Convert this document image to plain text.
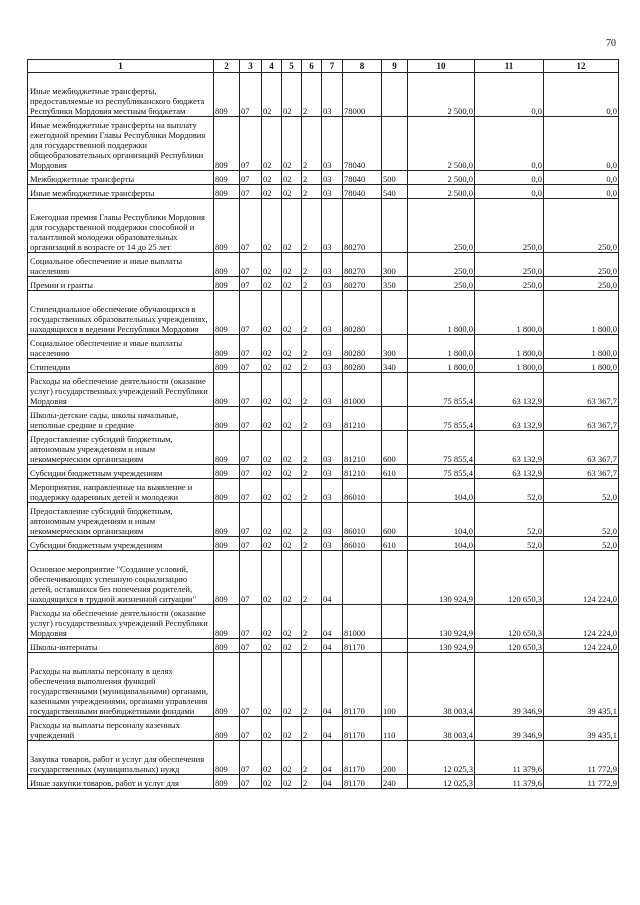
70
1	2	3	4	5	6	7	8	9	10	11	12
Иные межбюджетные трансферты, предоставляемые из республиканского бюджета Республики Мордовия местным бюджетам	809	07	02	02	2	03	78000		2 500,0	0,0	0,0
Иные межбюджетные трансферты на выплату ежегодной премии Главы Республики Мордовия для государственной поддержки общеобразовательных организаций Республики Мордовия	809	07	02	02	2	03	78040		2 500,0	0,0	0,0
Межбюджетные трансферты	809	07	02	02	2	03	78040	500	2 500,0	0,0	0,0
Иные межбюджетные трансферты	809	07	02	02	2	03	78040	540	2 500,0	0,0	0,0
Ежегодная премия Главы Республики Мордовия для государственной поддержки способной и талантливой молодежи образовательных организаций в возрасте от 14 до 25 лет	809	07	02	02	2	03	80270		250,0	250,0	250,0
Социальное обеспечение и иные выплаты населению	809	07	02	02	2	03	80270	300	250,0	250,0	250,0
Премии и гранты	809	07	02	02	2	03	80270	350	250,0	250,0	250,0
Стипендиальное обеспечение обучающихся в государственных образовательных учреждениях, находящихся в ведении Республики Мордовия	809	07	02	02	2	03	80280		1 800,0	1 800,0	1 800,0
Социальное обеспечение и иные выплаты населению	809	07	02	02	2	03	80280	300	1 800,0	1 800,0	1 800,0
Стипендии	809	07	02	02	2	03	80280	340	1 800,0	1 800,0	1 800,0
Расходы на обеспечение деятельности (оказание услуг) государственных учреждений Республики Мордовия	809	07	02	02	2	03	81000		75 855,4	63 132,9	63 367,7
Школы-детские сады, школы начальные, неполные средние и средние	809	07	02	02	2	03	81210		75 855,4	63 132,9	63 367,7
Предоставление субсидий бюджетным, автономным учреждениям и иным некоммерческим организациям	809	07	02	02	2	03	81210	600	75 855,4	63 132,9	63 367,7
Субсидии бюджетным учреждениям	809	07	02	02	2	03	81210	610	75 855,4	63 132,9	63 367,7
Мероприятия, направленные на выявление и поддержку одаренных детей и молодежи	809	07	02	02	2	03	86010		104,0	52,0	52,0
Предоставление субсидий бюджетным, автономным учреждениям и иным некоммерческим организациям	809	07	02	02	2	03	86010	600	104,0	52,0	52,0
Субсидии бюджетным учреждениям	809	07	02	02	2	03	86010	610	104,0	52,0	52,0
Основное мероприятие "Создание условий, обеспечивающих успешную социализацию детей, оставшихся без попечения родителей, находящихся в трудной жизненной ситуации"	809	07	02	02	2	04			130 924,9	120 650,3	124 224,0
Расходы на обеспечение деятельности (оказание услуг) государственных учреждений Республики Мордовия	809	07	02	02	2	04	81000		130 924,9	120 650,3	124 224,0
Школы-интернаты	809	07	02	02	2	04	81170		130 924,9	120 650,3	124 224,0
Расходы на выплаты персоналу в целях обеспечения выполнения функций государственными (муниципальными) органами, казенными учреждениями, органами управления государственными внебюджетными фондами	809	07	02	02	2	04	81170	100	38 003,4	39 346,9	39 435,1
Расходы на выплаты персоналу казенных учреждений	809	07	02	02	2	04	81170	110	38 003,4	39 346,9	39 435,1
Закупка товаров, работ и услуг для обеспечения государственных (муниципальных) нужд	809	07	02	02	2	04	81170	200	12 025,3	11 379,6	11 772,9
Иные закупки товаров, работ и услуг для	809	07	02	02	2	04	81170	240	12 025,3	11 379,6	11 772,9
